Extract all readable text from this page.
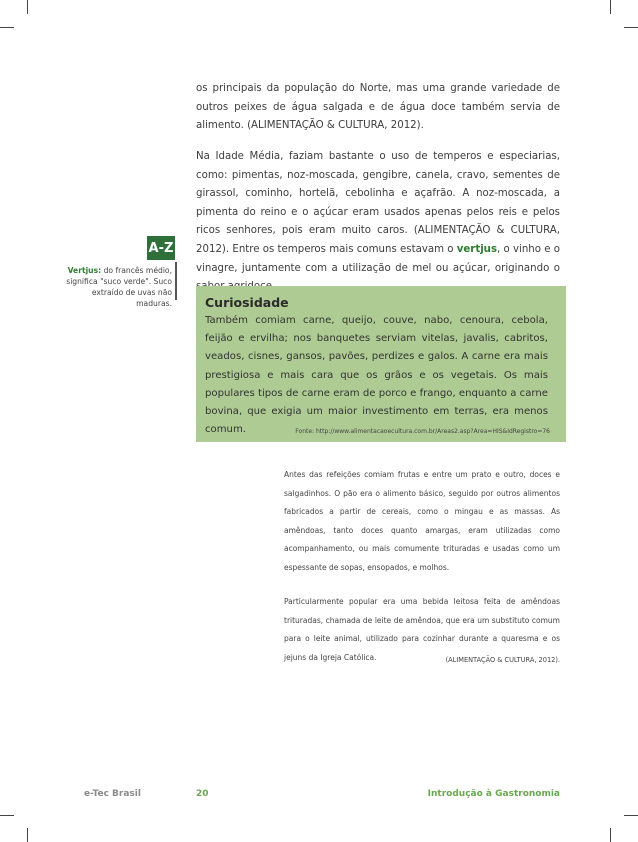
os principais da população do Norte, mas uma grande variedade de outros peixes de água salgada e de água doce também servia de alimento. (ALIMENTAÇÃO & CULTURA, 2012).

Na Idade Média, faziam bastante o uso de temperos e especiarias, como: pimentas, noz-moscada, gengibre, canela, cravo, sementes de girassol, cominho, hortelã, cebolinha e açafrão. A noz-moscada, a pimenta do reino e o açúcar eram usados apenas pelos reis e pelos ricos senhores, pois eram muito caros. (ALIMENTAÇÃO & CULTURA, 2012). Entre os temperos mais comuns estavam o vertjus, o vinho e o vinagre, juntamente com a utilização de mel ou açúcar, originando o

A-Z
Vertjus: do francês médio, significa "suco verde". Suco extraído de uvas não maduras.	Curiosidade

Também comiam carne, queijo, couve, nabo, cenoura, cebola, feijão e ervilha; nos banquetes serviam vitelas, javalis, cabritos, veados, cisnes, gansos, pavões, perdizes e galos. A carne era mais prestigiosa e mais cara que os grãos e os vegetais. Os mais populares tipos de carne eram de porco e frango, enquanto a carne bovina, que exigia um maior investimento em terras, era menos comum.	Fonte: http://www.alimentacaoecultura.com.br/Areas2.asp?Area=HIS&IdRegistro=76

Antes das refeições comiam frutas e entre um prato e outro, doces e salgadinhos. O pão era o alimento básico, seguido por outros alimentos fabricados a partir de cereais, como o mingau e as massas. As amêndoas, tanto doces quanto amargas, eram utilizadas como acompanhamento, ou mais comumente trituradas e usadas como um espessante de sopas, ensopados, e molhos.

Particularmente popular era uma bebida leitosa feita de amêndoas trituradas, chamada de leite de amêndoa, que era um substituto comum para o leite animal, utilizado para cozinhar durante a quaresma e os jejuns da Igreja Católica.	(ALIMENTAÇÃO & CULTURA, 2012).
e-Tec Brasil	20	Introdução à Gastronomia
